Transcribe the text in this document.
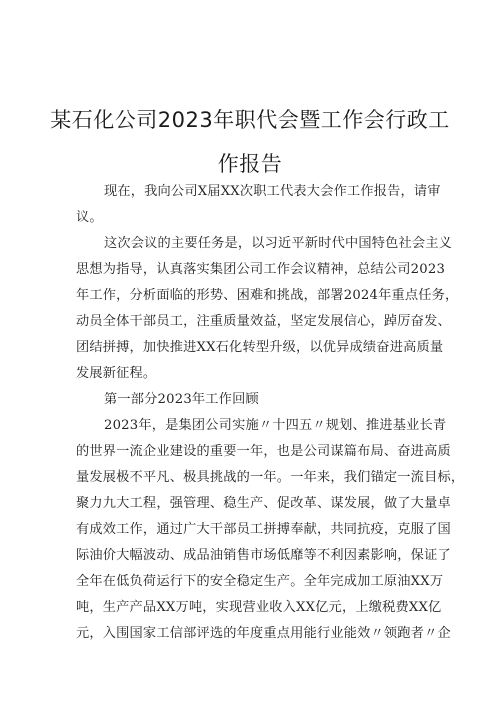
某石化公司2023年职代会暨工作会行政工
作报告
现在，我向公司X届XX次职工代表大会作工作报告，请审
议。
这次会议的主要任务是，以习近平新时代中国特色社会主义
思想为指导，认真落实集团公司工作会议精神，总结公司2023
年工作，分析面临的形势、困难和挑战，部署2024年重点任务，
动员全体干部员工，注重质量效益，坚定发展信心，踔厉奋发、
团结拼搏，加快推进XX石化转型升级，以优异成绩奋进高质量
发展新征程。
第一部分2023年工作回顾
2023年，是集团公司实施〃十四五〃规划、推进基业长青
的世界一流企业建设的重要一年，也是公司谋篇布局、奋进高质
量发展极不平凡、极具挑战的一年。一年来，我们锚定一流目标，
聚力九大工程，强管理、稳生产、促改革、谋发展，做了大量卓
有成效工作，通过广大干部员工拼搏奉献，共同抗疫，克服了国
际油价大幅波动、成品油销售市场低靡等不利因素影响，保证了
全年在低负荷运行下的安全稳定生产。全年完成加工原油XX万
吨，生产产品XX万吨，实现营业收入XX亿元，上缴税费XX亿
元，入围国家工信部评选的年度重点用能行业能效〃领跑者〃企
